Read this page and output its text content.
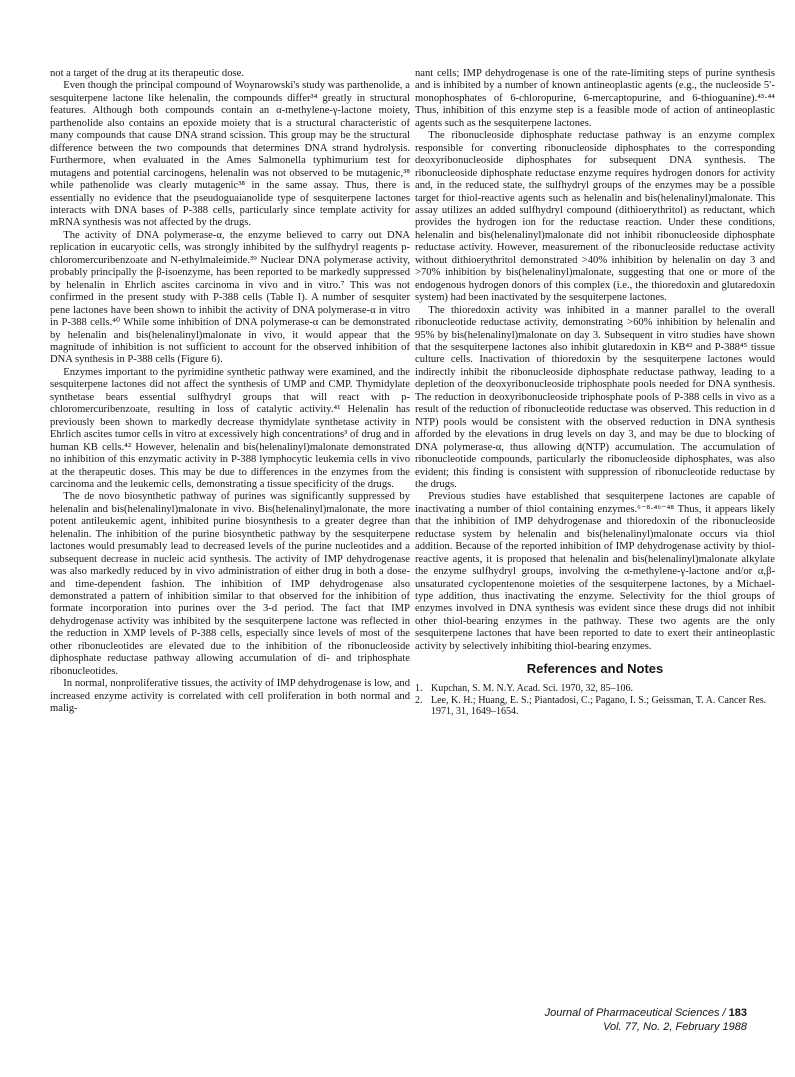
not a target of the drug at its therapeutic dose.

Even though the principal compound of Woynarowski's study was parthenolide, a sesquiterpene lactone like helenalin, the compounds differ³⁴ greatly in structural features. Although both compounds contain an α-methylene-γ-lactone moiety, parthenolide also contains an epoxide moiety that is a structural characteristic of many compounds that cause DNA strand scission. This group may be the structural difference between the two compounds that determines DNA strand hydrolysis. Furthermore, when evaluated in the Ames Salmonella typhimurium test for mutagens and potential carcinogens, helenalin was not observed to be mutagenic,³⁸ while pathenolide was clearly mutagenic³⁸ in the same assay. Thus, there is essentially no evidence that the pseudoguaianolide type of sesquiterpene lactones interacts with DNA bases of P-388 cells, particularly since template activity for mRNA synthesis was not affected by the drugs.

The activity of DNA polymerase-α, the enzyme believed to carry out DNA replication in eucaryotic cells, was strongly inhibited by the sulfhydryl reagents p-chloromercuribenzoate and N-ethylmaleimide.³⁹ Nuclear DNA polymerase activity, probably principally the β-isoenzyme, has been reported to be markedly suppressed by helenalin in Ehrlich ascites carcinoma in vivo and in vitro.⁷ This was not confirmed in the present study with P-388 cells (Table I). A number of sesquiter pene lactones have been shown to inhibit the activity of DNA polymerase-α in vitro in P-388 cells.⁴⁰ While some inhibition of DNA polymerase-α can be demonstrated by helenalin and bis(helenalinyl)malonate in vivo, it would appear that the magnitude of inhibition is not sufficient to account for the observed inhibition of DNA synthesis in P-388 cells (Figure 6).

Enzymes important to the pyrimidine synthetic pathway were examined, and the sesquiterpene lactones did not affect the synthesis of UMP and CMP. Thymidylate synthetase bears essential sulfhydryl groups that will react with p-chloromercuribenzoate, resulting in loss of catalytic activity.⁴¹ Helenalin has previously been shown to markedly decrease thymidylate synthetase activity in Ehrlich ascites tumor cells in vitro at excessively high concentrations³ of drug and in human KB cells.⁴² However, helenalin and bis(helenalinyl)malonate demonstrated no inhibition of this enzymatic activity in P-388 lymphocytic leukemia cells in vivo at the therapeutic doses. This may be due to differences in the enzymes from the carcinoma and the leukemic cells, demonstrating a tissue specificity of the drugs.

The de novo biosynthetic pathway of purines was significantly suppressed by helenalin and bis(helenalinyl)malonate in vivo. Bis(helenalinyl)malonate, the more potent antileukemic agent, inhibited purine biosynthesis to a greater degree than helenalin. The inhibition of the purine biosynthetic pathway by the sesquiterpene lactones would presumably lead to decreased levels of the purine nucleotides and a subsequent decrease in nucleic acid synthesis. The activity of IMP dehydrogenase was also markedly reduced by in vivo administration of either drug in both a dose- and time-dependent fashion. The inhibition of IMP dehydrogenase also demonstrated a pattern of inhibition similar to that observed for the inhibition of formate incorporation into purines over the 3-d period. The fact that IMP dehydrogenase activity was inhibited by the sesquiterpene lactone was reflected in the reduction in XMP levels of P-388 cells, especially since levels of most of the other ribonucleotides are elevated due to the inhibition of the ribonucleoside diphosphate reductase pathway allowing accumulation of di- and triphosphate ribonucleotides.

In normal, nonproliferative tissues, the activity of IMP dehydrogenase is low, and increased enzyme activity is correlated with cell proliferation in both normal and malig-

nant cells; IMP dehydrogenase is one of the rate-limiting steps of purine synthesis and is inhibited by a number of known antineoplastic agents (e.g., the nucleoside 5′-monophosphates of 6-chloropurine, 6-mercaptopurine, and 6-thioguanine).⁴³·⁴⁴ Thus, inhibition of this enzyme step is a feasible mode of action of antineoplastic agents such as the sesquiterpene lactones.

The ribonucleoside diphosphate reductase pathway is an enzyme complex responsible for converting ribonucleoside diphosphates to the corresponding deoxyribonucleoside diphosphates for subsequent DNA synthesis. The ribonucleoside diphosphate reductase enzyme requires hydrogen donors for activity and, in the reduced state, the sulfhydryl groups of the enzymes may be a possible target for thiol-reactive agents such as helenalin and bis(helenalinyl)malonate. This assay utilizes an added sulfhydryl compound (dithioerythritol) as reductant, which provides the hydrogen ion for the reductase reaction. Under these conditions, helenalin and bis(helenalinyl)malonate did not inhibit ribonucleoside diphosphate reductase activity. However, measurement of the ribonucleoside reductase activity without dithioerythritol demonstrated >40% inhibition by helenalin on day 3 and >70% inhibition by bis(helenalinyl)malonate, suggesting that one or more of the endogenous hydrogen donors of this complex (i.e., the thioredoxin and glutaredoxin system) had been inactivated by the sesquiterpene lactones.

The thioredoxin activity was inhibited in a manner parallel to the overall ribonucleotide reductase activity, demonstrating >60% inhibition by helenalin and 95% by bis(helenalinyl)malonate on day 3. Subsequent in vitro studies have shown that the sesquiterpene lactones also inhibit glutaredoxin in KB⁴² and P-388⁴⁵ tissue culture cells. Inactivation of thioredoxin by the sesquiterpene lactones would indirectly inhibit the ribonucleoside diphosphate reductase pathway, leading to a depletion of the deoxyribonucleoside triphosphate pools needed for DNA synthesis. The reduction in deoxyribonucleoside triphosphate pools of P-388 cells in vivo as a result of the reduction of ribonucleotide reductase was observed. This reduction in d NTP) pools would be consistent with the observed reduction in DNA synthesis afforded by the elevations in drug levels on day 3, and may be due to blocking of DNA polymerase-α, thus allowing d(NTP) accumulation. The accumulation of ribonucleotide compounds, particularly the ribonucleoside diphosphates, was also evident; this finding is consistent with suppression of ribonucleotide reductase by the drugs.

Previous studies have established that sesquiterpene lactones are capable of inactivating a number of thiol containing enzymes.⁶⁻⁸·⁴⁶⁻⁴⁸ Thus, it appears likely that the inhibition of IMP dehydrogenase and thioredoxin of the ribonucleoside reductase system by helenalin and bis(helenalinyl)malonate occurs via thiol addition. Because of the reported inhibition of IMP dehydrogenase activity by thiol-reactive agents, it is proposed that helenalin and bis(helenalinyl)malonate alkylate the enzyme sulfhydryl groups, involving the α-methylene-γ-lactone and/or α,β-unsaturated cyclopentenone moieties of the sesquiterpene lactones, by a Michael-type addition, thus inactivating the enzyme. Selectivity for the thiol groups of enzymes involved in DNA synthesis was evident since these drugs did not inhibit other thiol-bearing enzymes in the pathway. These two agents are the only sesquiterpene lactones that have been reported to date to exert their antineoplastic activity by selectively inhibiting thiol-bearing enzymes.

References and Notes
1. Kupchan, S. M. N.Y. Acad. Sci. 1970, 32, 85–106.
2. Lee, K. H.; Huang, E. S.; Piantadosi, C.; Pagano, I. S.; Geissman, T. A. Cancer Res. 1971, 31, 1649–1654.
Journal of Pharmaceutical Sciences / 183
Vol. 77, No. 2, February 1988
